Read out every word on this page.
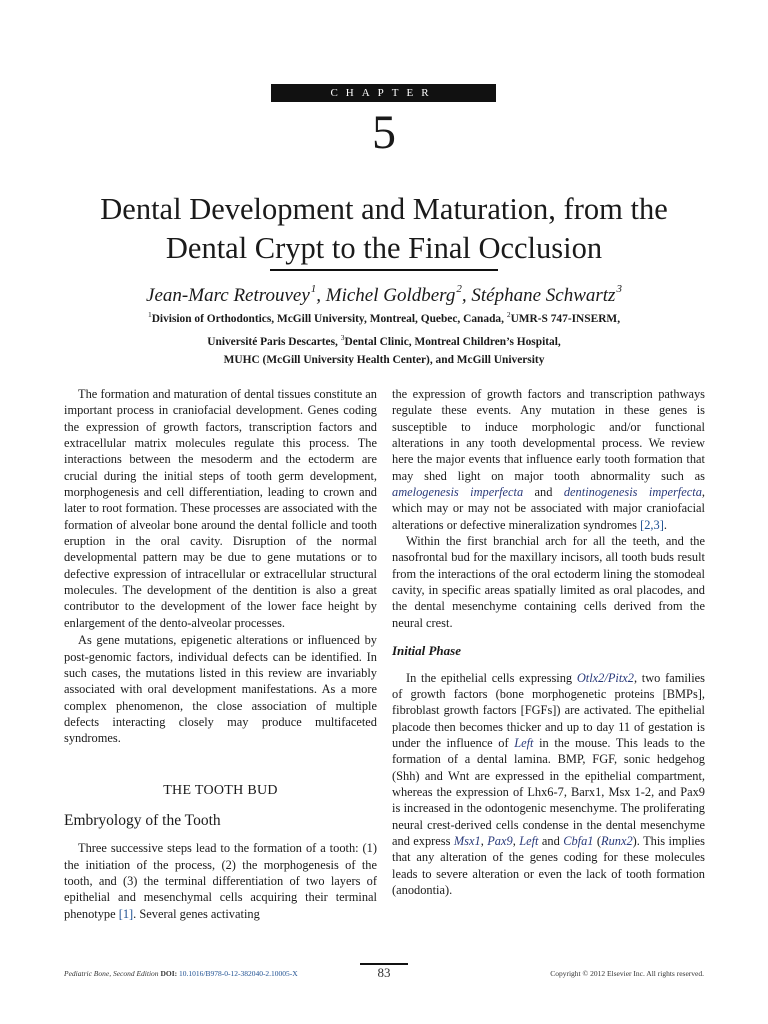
CHAPTER
5
Dental Development and Maturation, from the
Dental Crypt to the Final Occlusion
Jean-Marc Retrouvey$^1$, Michel Goldberg$^2$, Stéphane Schwartz$^3$
$^1$Division of Orthodontics, McGill University, Montreal, Quebec, Canada, $^2$UMR-S 747-INSERM,
Université Paris Descartes, $^3$Dental Clinic, Montreal Children’s Hospital,
MUHC (McGill University Health Center), and McGill University

The formation and maturation of dental tissues constitute an important process in craniofacial development. Genes coding the expression of growth factors, transcription factors and extracellular matrix molecules regulate this process. The interactions between the mesoderm and the ectoderm are crucial during the initial steps of tooth germ development, morphogenesis and cell differentiation, leading to crown and later to root formation. These processes are associated with the formation of alveolar bone around the dental follicle and tooth eruption in the oral cavity. Disruption of the normal developmental pattern may be due to gene mutations or to defective expression of intracellular or extracellular structural molecules. The development of the dentition is also a great contributor to the development of the lower face height by enlargement of the dento-alveolar processes.

As gene mutations, epigenetic alterations or influenced by post-genomic factors, individual defects can be identified. In such cases, the mutations listed in this review are invariably associated with oral development manifestations. As a more complex phenomenon, the close association of multiple defects interacting closely may produce multifaceted syndromes.

THE TOOTH BUD
Embryology of the Tooth

Three successive steps lead to the formation of a tooth: (1) the initiation of the process, (2) the morphogenesis of the tooth, and (3) the terminal differentiation of two layers of epithelial and mesenchymal cells acquiring their terminal phenotype [1]. Several genes activating

the expression of growth factors and transcription pathways regulate these events. Any mutation in these genes is susceptible to induce morphologic and/or functional alterations in any tooth developmental process. We review here the major events that influence early tooth formation that may shed light on major tooth abnormality such as amelogenesis imperfecta and dentinogenesis imperfecta, which may or may not be associated with major craniofacial alterations or defective mineralization syndromes [2,3].

Within the first branchial arch for all the teeth, and the nasofrontal bud for the maxillary incisors, all tooth buds result from the interactions of the oral ectoderm lining the stomodeal cavity, in specific areas spatially limited as oral placodes, and the dental mesenchyme containing cells derived from the neural crest.

Initial Phase

In the epithelial cells expressing Otlx2/Pitx2, two families of growth factors (bone morphogenetic proteins [BMPs], fibroblast growth factors [FGFs]) are activated. The epithelial placode then becomes thicker and up to day 11 of gestation is under the influence of Left in the mouse. This leads to the formation of a dental lamina. BMP, FGF, sonic hedgehog (Shh) and Wnt are expressed in the epithelial compartment, whereas the expression of Lhx6-7, Barx1, Msx 1-2, and Pax9 is increased in the odontogenic mesenchyme. The proliferating neural crest-derived cells condense in the dental mesenchyme and express Msx1, Pax9, Left and Cbfa1 (Runx2). This implies that any alteration of the genes coding for these molecules leads to severe alteration or even the lack of tooth formation (anodontia).

Pediatric Bone, Second Edition DOI: 10.1016/B978-0-12-382040-2.10005-X	83	Copyright © 2012 Elsevier Inc. All rights reserved.
